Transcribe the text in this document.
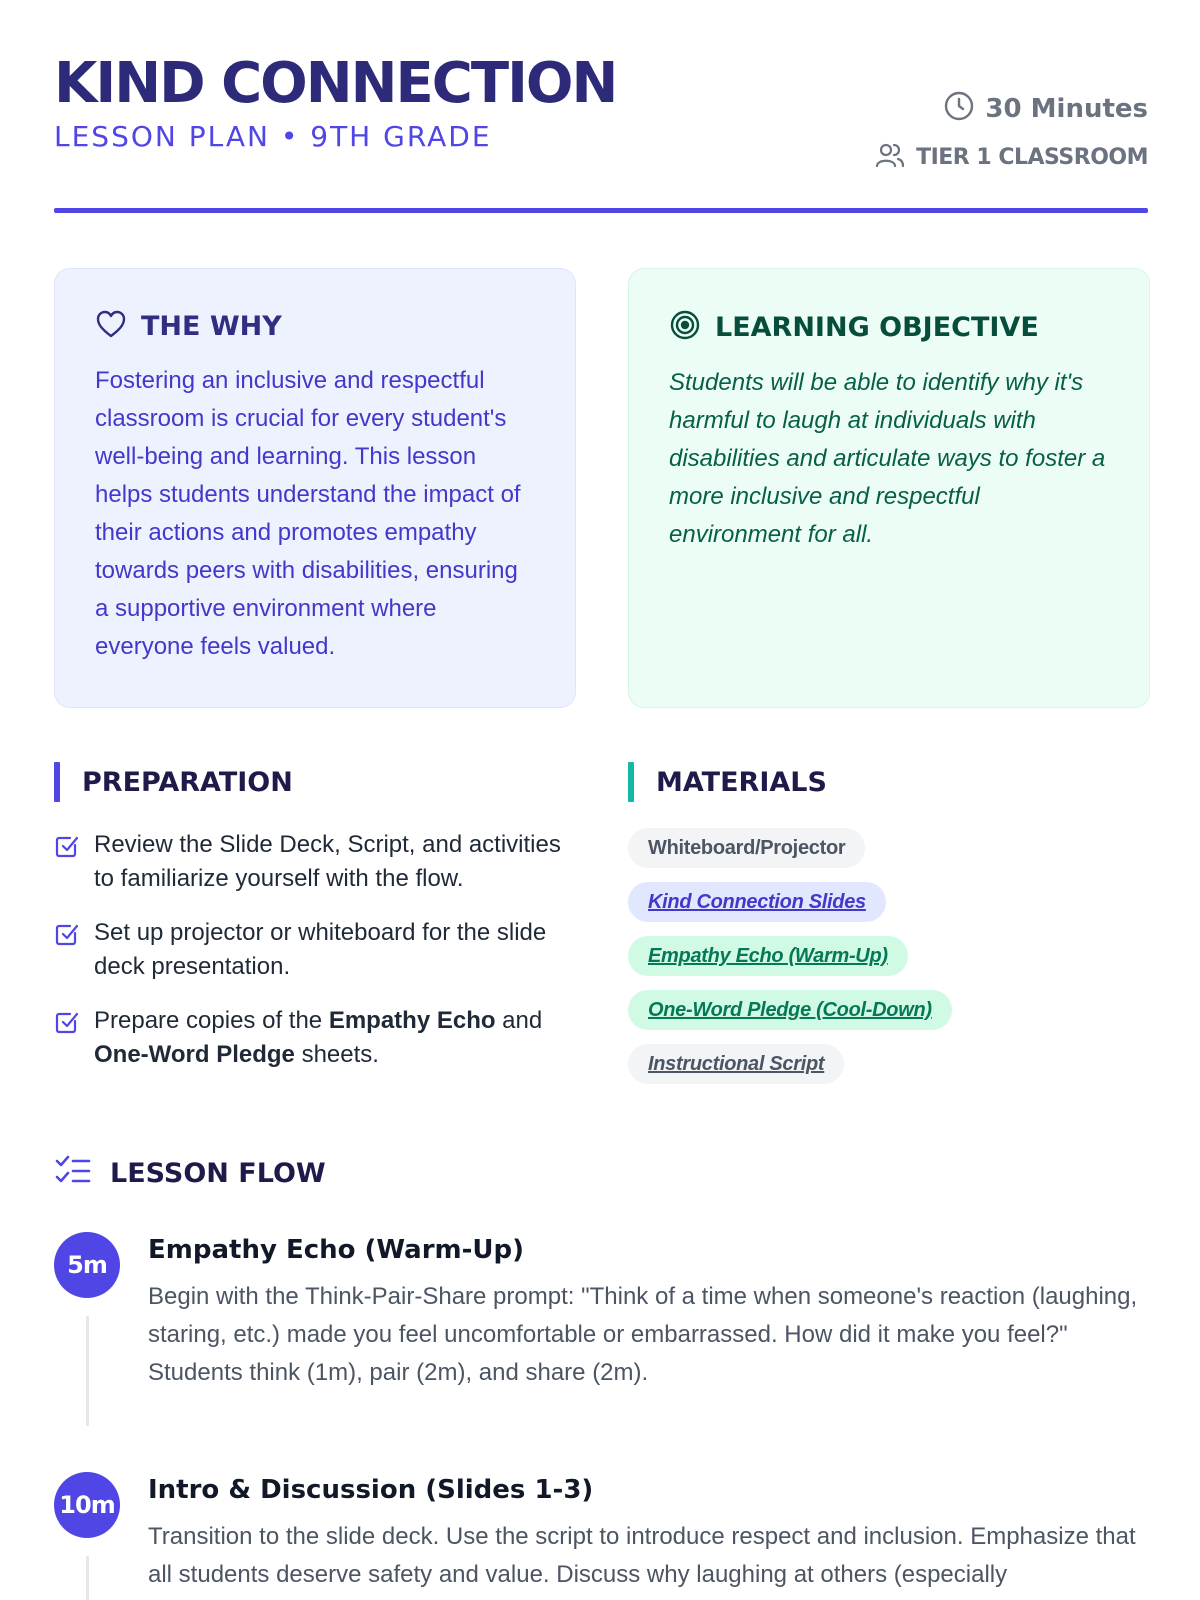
KIND CONNECTION
LESSON PLAN • 9TH GRADE
30 Minutes
TIER 1 CLASSROOM
THE WHY

Fostering an inclusive and respectful classroom is crucial for every student's well-being and learning. This lesson helps students understand the impact of their actions and promotes empathy towards peers with disabilities, ensuring a supportive environment where everyone feels valued.

LEARNING OBJECTIVE

Students will be able to identify why it's harmful to laugh at individuals with disabilities and articulate ways to foster a more inclusive and respectful environment for all.

PREPARATION
Review the Slide Deck, Script, and activities to familiarize yourself with the flow.
Set up projector or whiteboard for the slide deck presentation.
Prepare copies of the Empathy Echo and One-Word Pledge sheets.
MATERIALS
Whiteboard/Projector
Kind Connection Slides
Empathy Echo (Warm-Up)
One-Word Pledge (Cool-Down)
Instructional Script
LESSON FLOW
5m	Empathy Echo (Warm-Up)
Begin with the Think-Pair-Share prompt: "Think of a time when someone's reaction (laughing, staring, etc.) made you feel uncomfortable or embarrassed. How did it make you feel?" Students think (1m), pair (2m), and share (2m).
10m Intro & Discussion (Slides 1-3)
Transition to the slide deck. Use the script to introduce respect and inclusion. Emphasize that all students deserve safety and value. Discuss why laughing at others (especially
